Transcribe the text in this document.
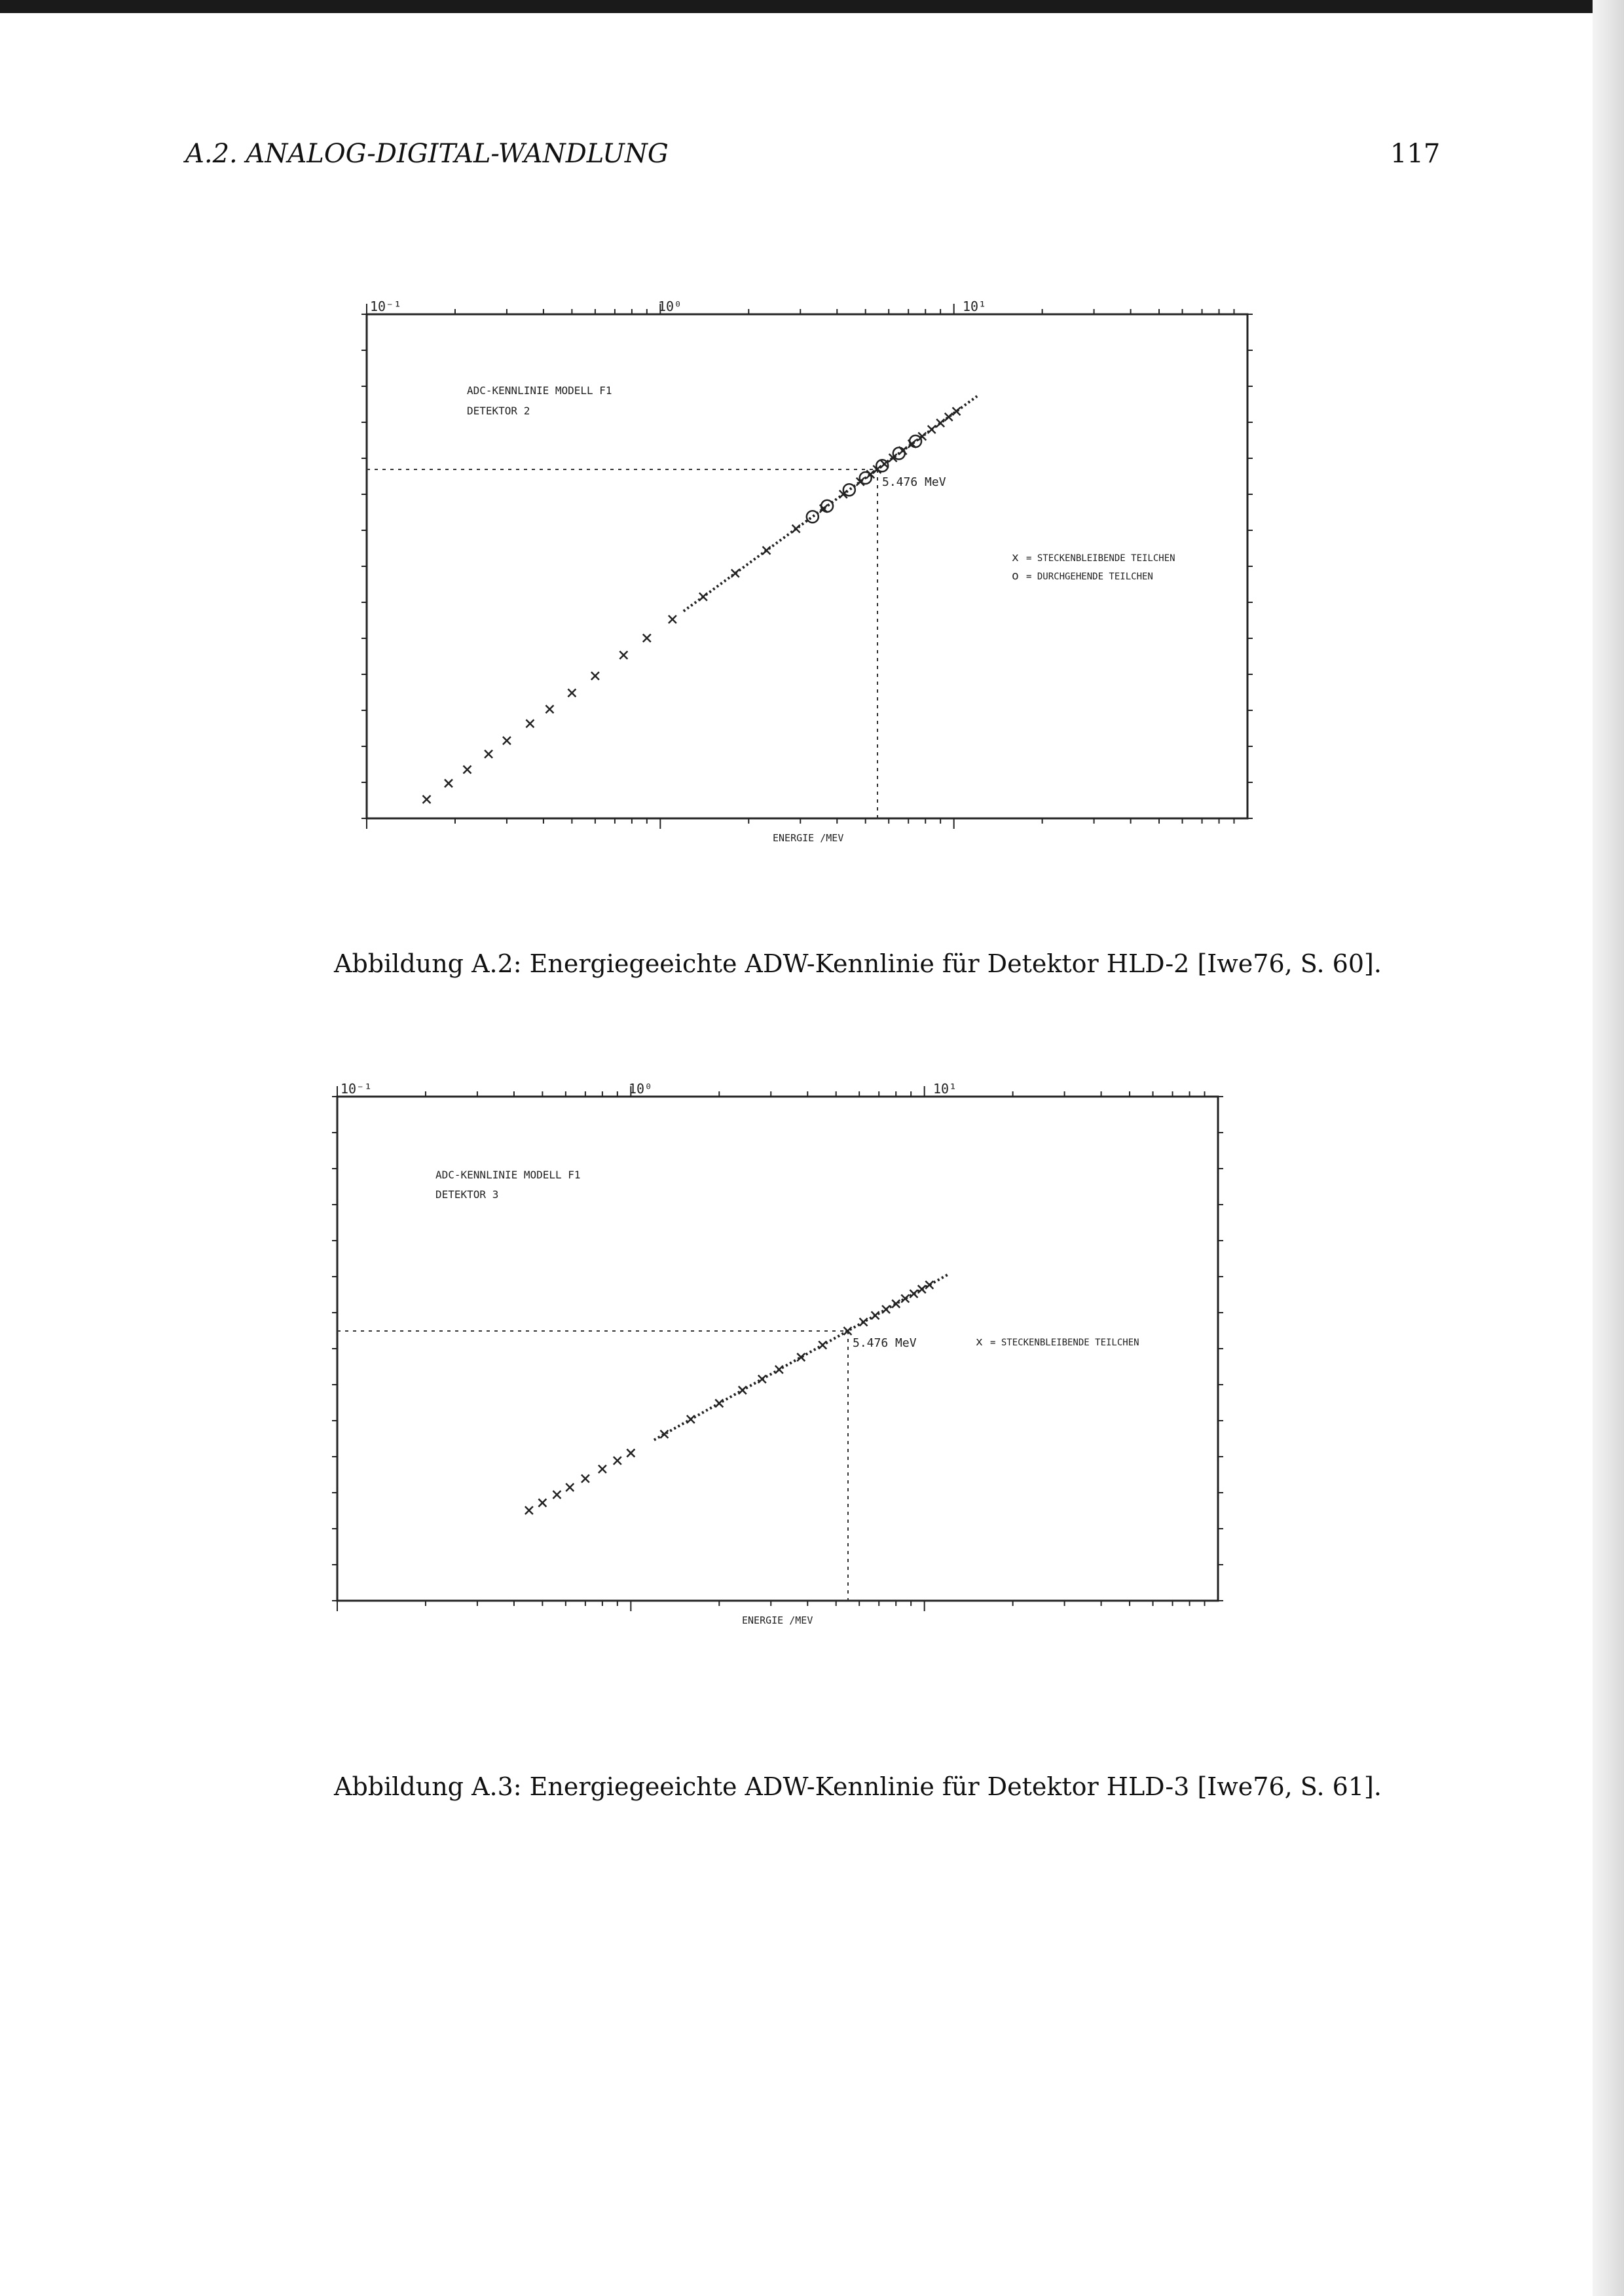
A.2. ANALOG-DIGITAL-WANDLUNG	117
10⁻¹	10⁰	10¹
ADC-KENNLINIE MODELL F1
DETEKTOR 2
5.476 MeV
x = STECKENBLEIBENDE TEILCHEN
o = DURCHGEHENDE TEILCHEN
ENERGIE /MEV
Abbildung A.2: Energiegeeichte ADW-Kennlinie für Detektor HLD-2 [Iwe76, S. 60].
10⁻¹	10⁰	10¹
ADC-KENNLINIE MODELL F1
DETEKTOR 3
5.476 MeV	x = STECKENBLEIBENDE TEILCHEN
ENERGIE /MEV
Abbildung A.3: Energiegeeichte ADW-Kennlinie für Detektor HLD-3 [Iwe76, S. 61].
